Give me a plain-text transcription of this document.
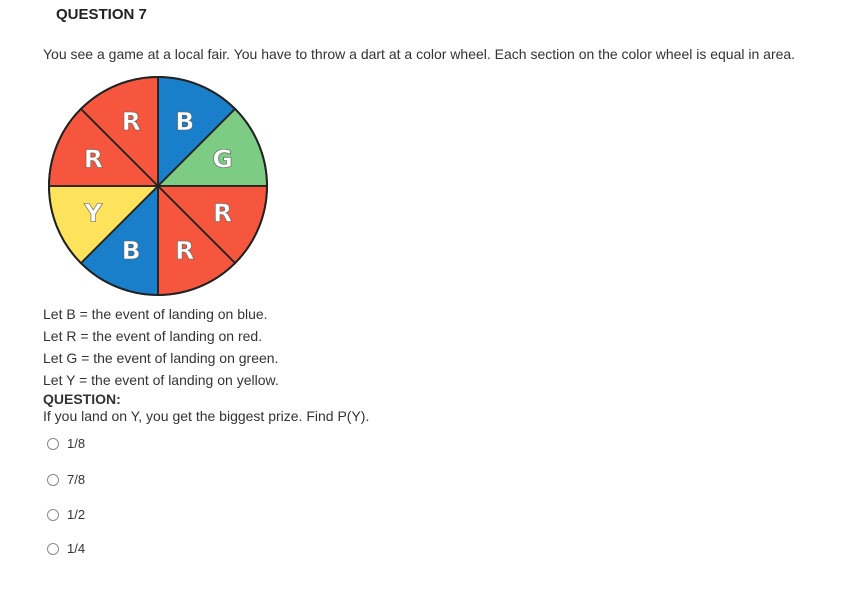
QUESTION 7
You see a game at a local fair. You have to throw a dart at a color wheel. Each section on the color wheel is equal in area.
B
G
R
R
B
Y
R
R
Let B = the event of landing on blue.
Let R = the event of landing on red.
Let G = the event of landing on green.
Let Y = the event of landing on yellow.
QUESTION:
If you land on Y, you get the biggest prize. Find P(Y).
1/8
7/8
1/2
1/4
